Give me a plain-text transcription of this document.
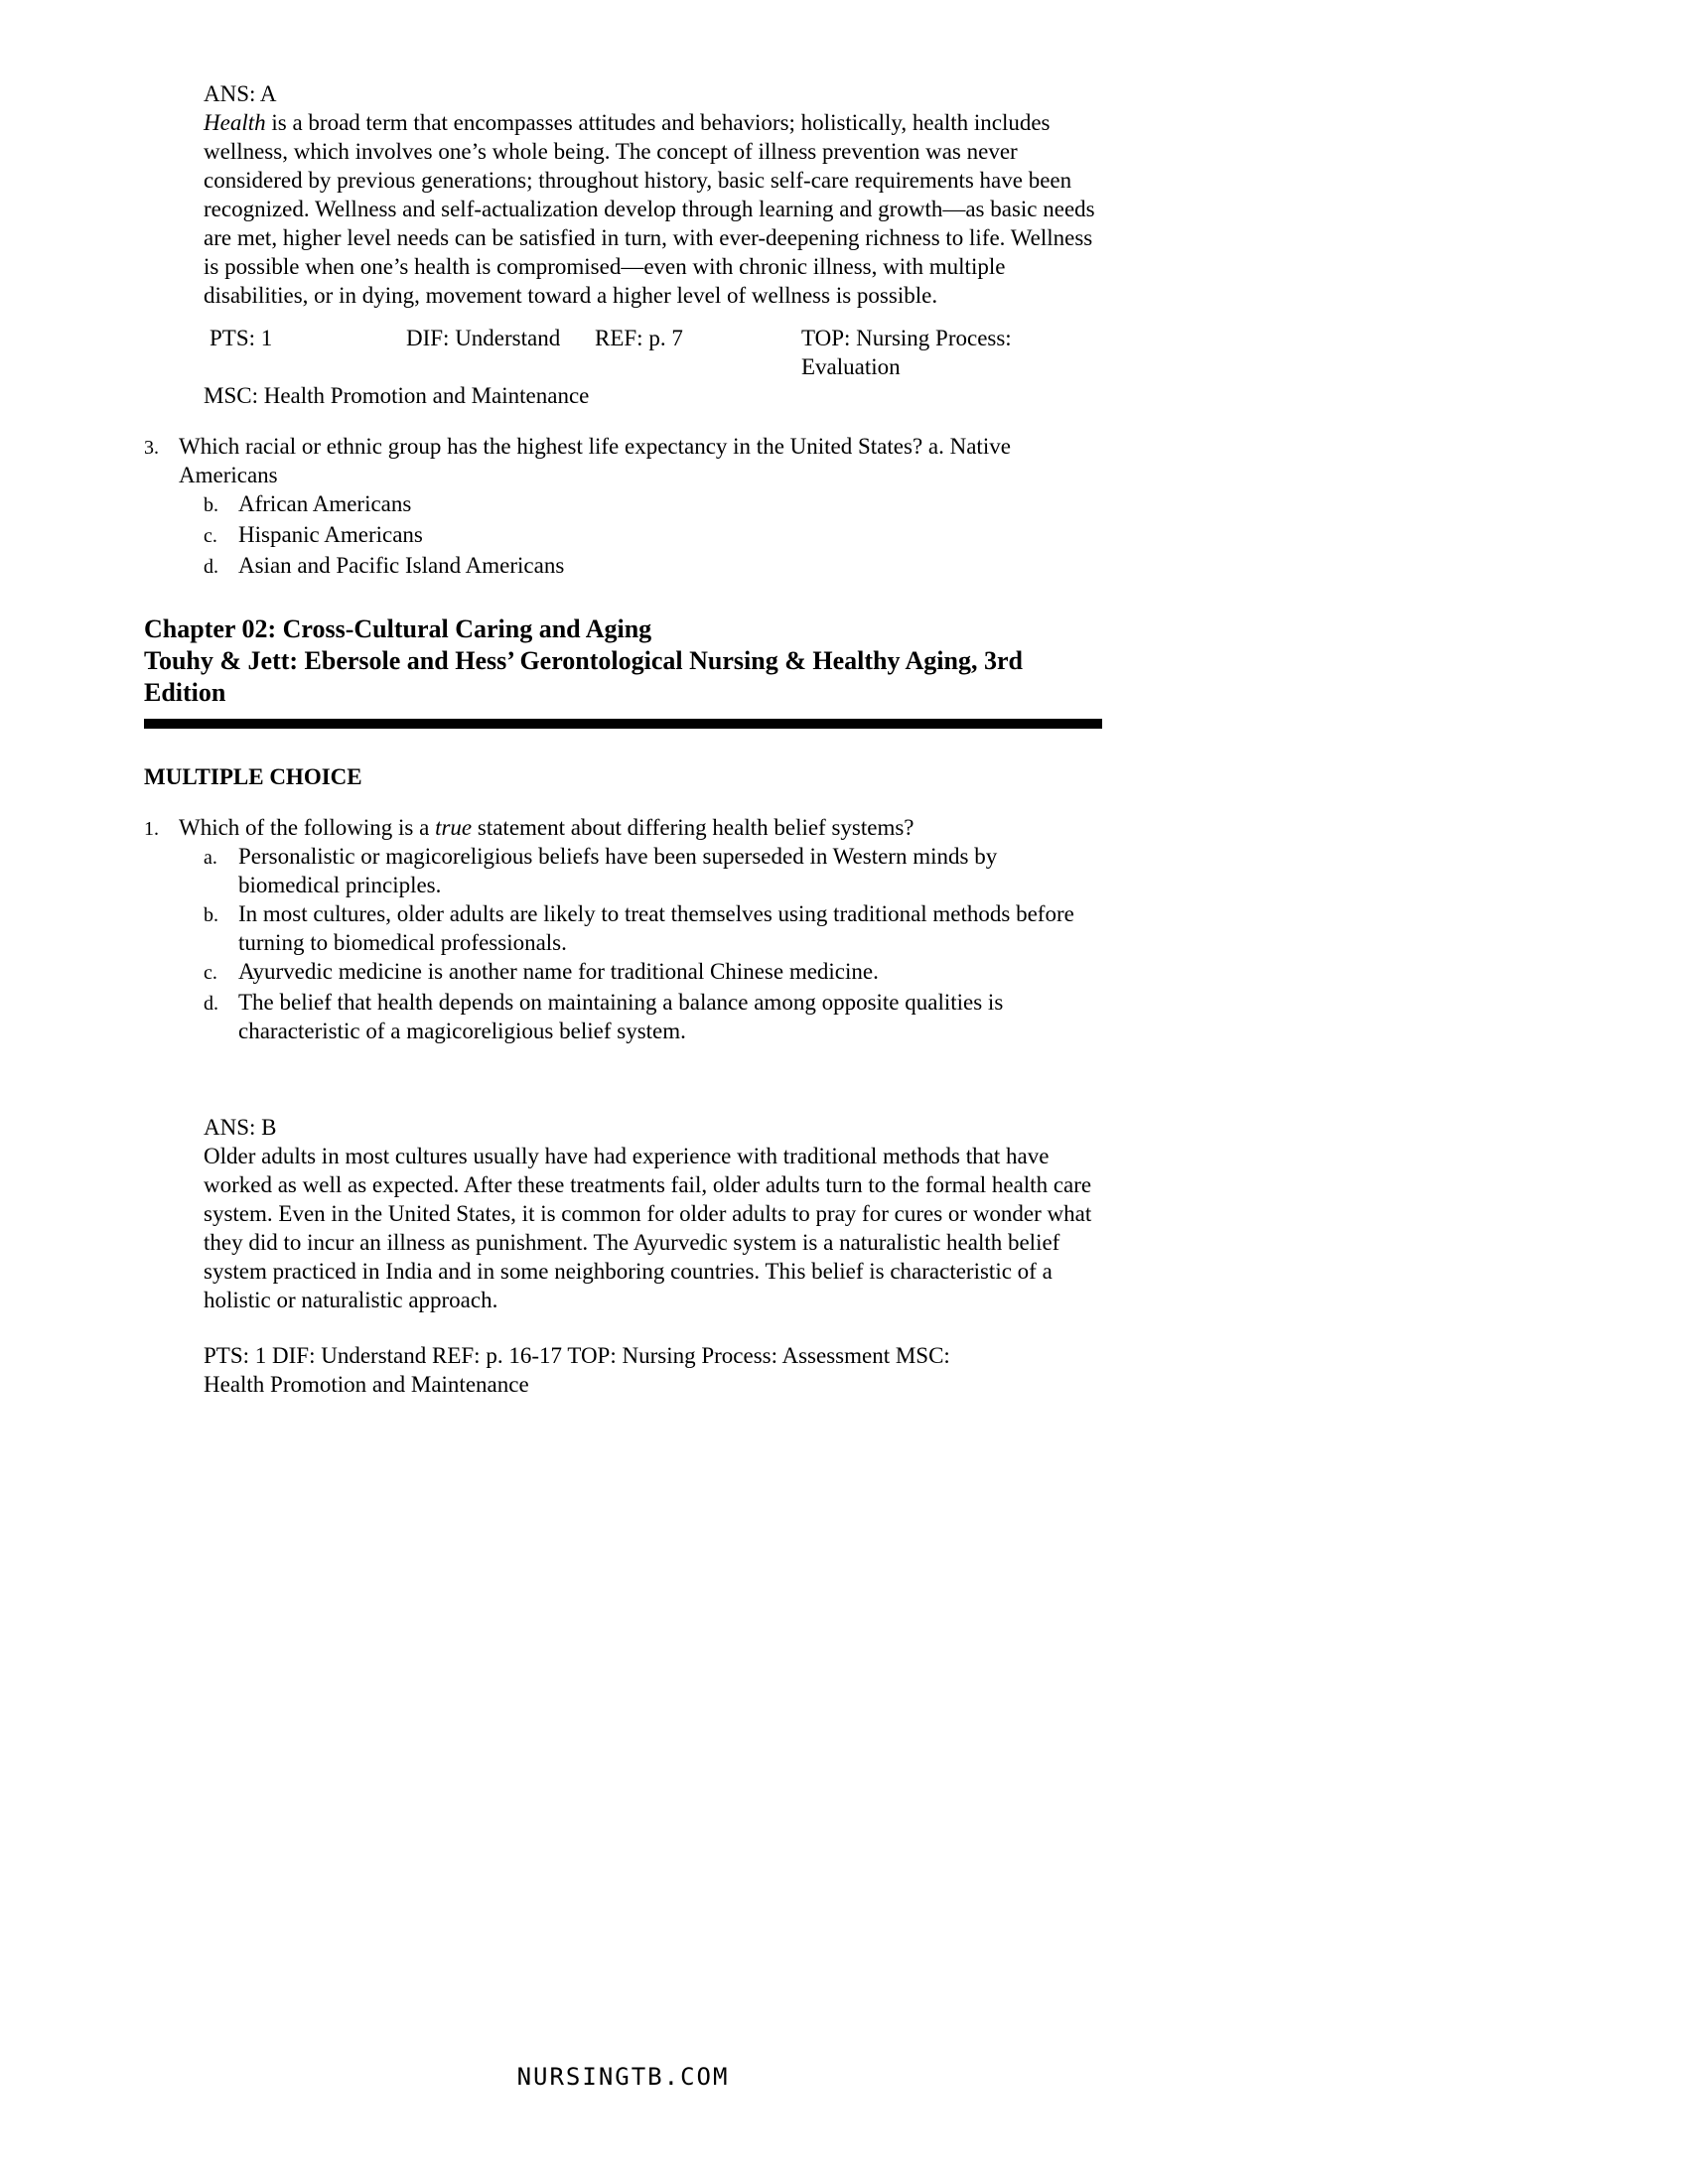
ANS: A
Health is a broad term that encompasses attitudes and behaviors; holistically, health includes wellness, which involves one’s whole being. The concept of illness prevention was never considered by previous generations; throughout history, basic self-care requirements have been recognized. Wellness and self-actualization develop through learning and growth—as basic needs are met, higher level needs can be satisfied in turn, with ever-deepening richness to life. Wellness is possible when one’s health is compromised—even with chronic illness, with multiple disabilities, or in dying, movement toward a higher level of wellness is possible.
PTS: 1	DIF: Understand	REF: p. 7	TOP: Nursing Process: Evaluation
MSC: Health Promotion and Maintenance
3. Which racial or ethnic group has the highest life expectancy in the United States? a. Native Americans
b. African Americans
c. Hispanic Americans
d. Asian and Pacific Island Americans
Chapter 02: Cross-Cultural Caring and Aging
Touhy & Jett: Ebersole and Hess’ Gerontological Nursing & Healthy Aging, 3rd Edition
MULTIPLE CHOICE
1. Which of the following is a true statement about differing health belief systems?
a. Personalistic or magicoreligious beliefs have been superseded in Western minds by biomedical principles.
b. In most cultures, older adults are likely to treat themselves using traditional methods before turning to biomedical professionals.
c. Ayurvedic medicine is another name for traditional Chinese medicine.
d. The belief that health depends on maintaining a balance among opposite qualities is characteristic of a magicoreligious belief system.
ANS: B
Older adults in most cultures usually have had experience with traditional methods that have worked as well as expected. After these treatments fail, older adults turn to the formal health care system. Even in the United States, it is common for older adults to pray for cures or wonder what they did to incur an illness as punishment. The Ayurvedic system is a naturalistic health belief system practiced in India and in some neighboring countries. This belief is characteristic of a holistic or naturalistic approach.
PTS: 1 DIF: Understand REF: p. 16-17 TOP: Nursing Process: Assessment MSC:
Health Promotion and Maintenance
NURSINGTB.COM
